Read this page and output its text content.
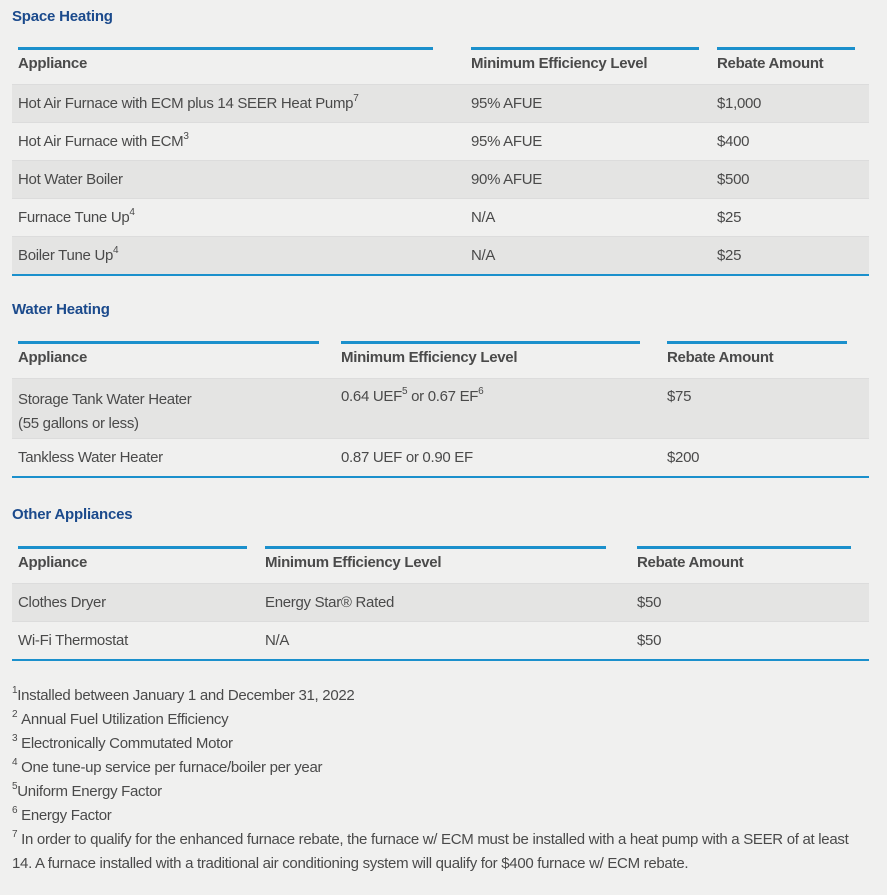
Space Heating
Appliance	Minimum Efficiency Level	Rebate Amount

Hot Air Furnace with ECM plus 14 SEER Heat Pump$^7$	95% AFUE	$1,000
Hot Air Furnace with ECM$^3$	95% AFUE	$400
Hot Water Boiler	90% AFUE	$500
Furnace Tune Up$^4$	N/A	$25
Boiler Tune Up$^4$	N/A	$25
Water Heating
Appliance	Minimum Efficiency Level	Rebate Amount

Storage Tank Water Heater
(55 gallons or less)	0.64 UEF$^5$ or 0.67 $EF^6$	$75
Tankless Water Heater	0.87 UEF or 0.90 EF	$200
Other Appliances
Appliance	Minimum Efficiency Level	Rebate Amount

Clothes Dryer	Energy Star® Rated	$50
Wi-Fi Thermostat	N/A	$50
$^1$Installed between January 1 and December 31, 2022
$^2$ Annual Fuel Utilization Efficiency
$^3$ Electronically Commutated Motor
$^4$ One tune-up service per furnace/boiler per year
$^5$Uniform Energy Factor
$^6$ Energy Factor
$^7$ In order to qualify for the enhanced furnace rebate, the furnace w/ ECM must be installed with a heat pump with a SEER of at least 14. A furnace installed with a traditional air conditioning system will qualify for $400 furnace w/ ECM rebate.
